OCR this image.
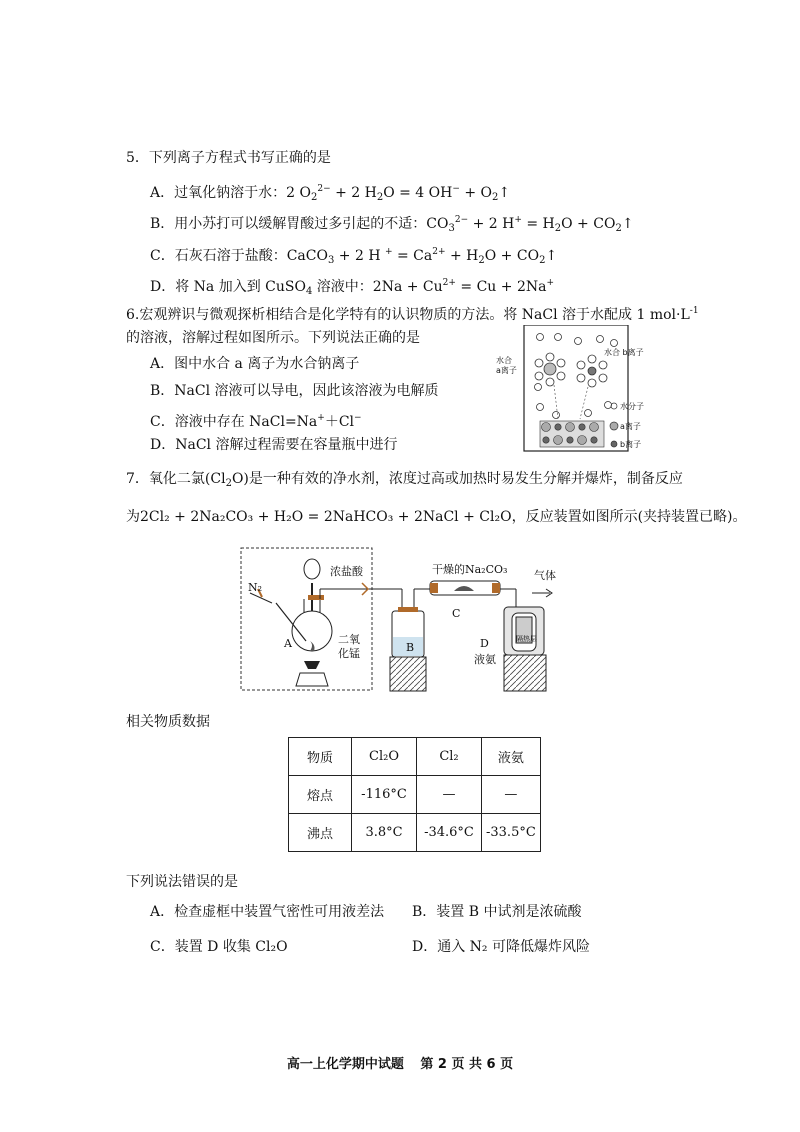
5．下列离子方程式书写正确的是
A．过氧化钠溶于水：2 $O_2^{2-} + 2$ $H_2O = 4$ $OH^- + O_2↑$
B．用小苏打可以缓解胃酸过多引起的不适：$CO_3^{2-} + 2$ $H^+ = H_2O$ + $CO_2↑$
C．石灰石溶于盐酸：CaCO$_3$ + 2 H $^+ = Ca^{2+} + H_2O$ + $CO_2↑$
D．将 Na 加入到 CuSO$_4$ 溶液中：$2Na + Cu^{2+} = Cu + 2Na^+$
6.宏观辨识与微观探析相结合是化学特有的认识物质的方法。将 NaCl 溶于水配成 1 $mol\cdot L^{-1}$
的溶液，溶解过程如图所示。下列说法正确的是
A．图中水合 a 离子为水合钠离子
B．NaCl 溶液可以导电，因此该溶液为电解质
C．溶液中存在 NaCl=Na+＋Cl−
D．NaCl 溶解过程需要在容量瓶中进行
水合
a离子
水合 b离子
水分子
a离子
b离子
7．氧化二氯$(Cl_2O)$是一种有效的净水剂，浓度过高或加热时易发生分解并爆炸，制备反应
为2Cl₂ + 2Na₂CO₃ + H₂O = 2NaHCO₃ + 2NaCl + Cl₂O，反应装置如图所示(夹持装置已略)。
N₂
浓盐酸	干燥的Na₂CO₃ 气体
二氧
化锰
A	B
C
D
液氨
隔热层
相关物质数据
物质	Cl₂O	Cl₂	液氨
熔点	-116°C	—	—
沸点	3.8°C	-34.6°C	-33.5°C
下列说法错误的是
A．检查虚框中装置气密性可用液差法 B．装置 B 中试剂是浓硫酸
C．装置 D 收集 Cl₂O	D．通入 N₂ 可降低爆炸风险
高一上化学期中试题 第 2 页 共 6 页
